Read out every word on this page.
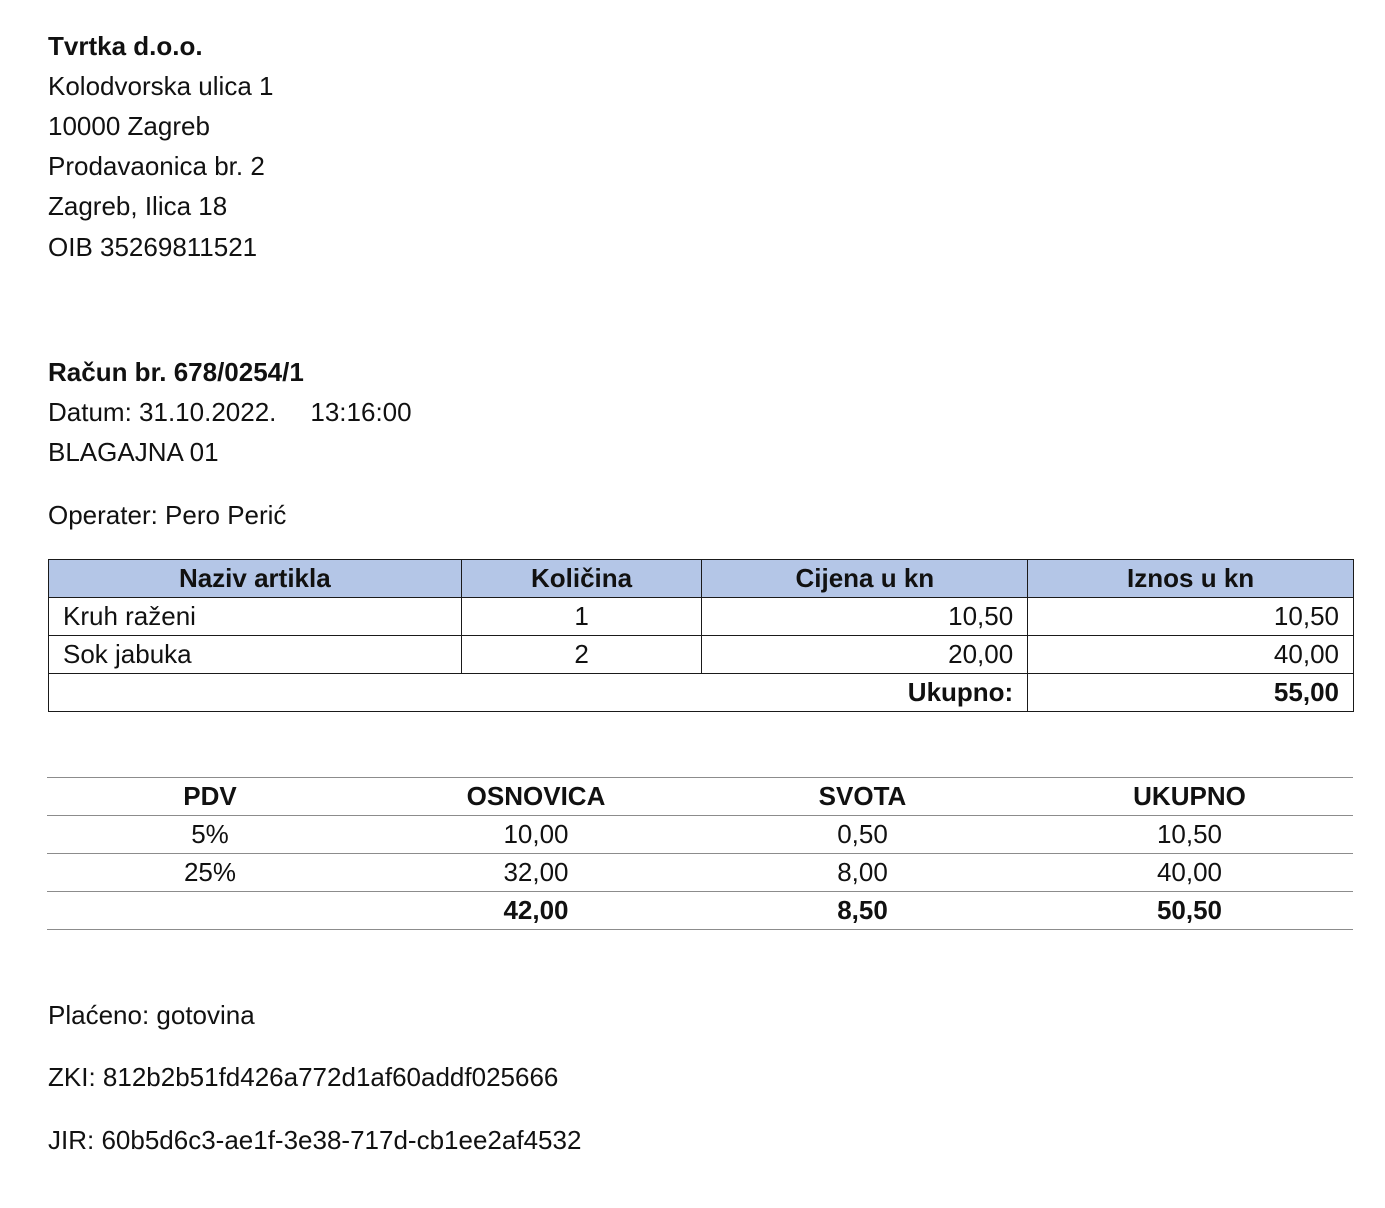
Tvrtka d.o.o.
Kolodvorska ulica 1
10000 Zagreb
Prodavaonica br. 2
Zagreb, Ilica 18
OIB 35269811521
Račun br. 678/0254/1
Datum: 31.10.2022. 13:16:00
BLAGAJNA 01
Operater: Pero Perić
Naziv artikla	Količina	Cijena u kn	Iznos u kn
Kruh raženi	1	10,50	10,50
Sok jabuka	2	20,00	40,00
Ukupno:			55,00
PDV	OSNOVICA	SVOTA	UKUPNO
5%	10,00	0,50	10,50
25%	32,00	8,00	40,00
	42,00	8,50	50,50
Plaćeno: gotovina
ZKI: 812b2b51fd426a772d1af60addf025666
JIR: 60b5d6c3-ae1f-3e38-717d-cb1ee2af4532
